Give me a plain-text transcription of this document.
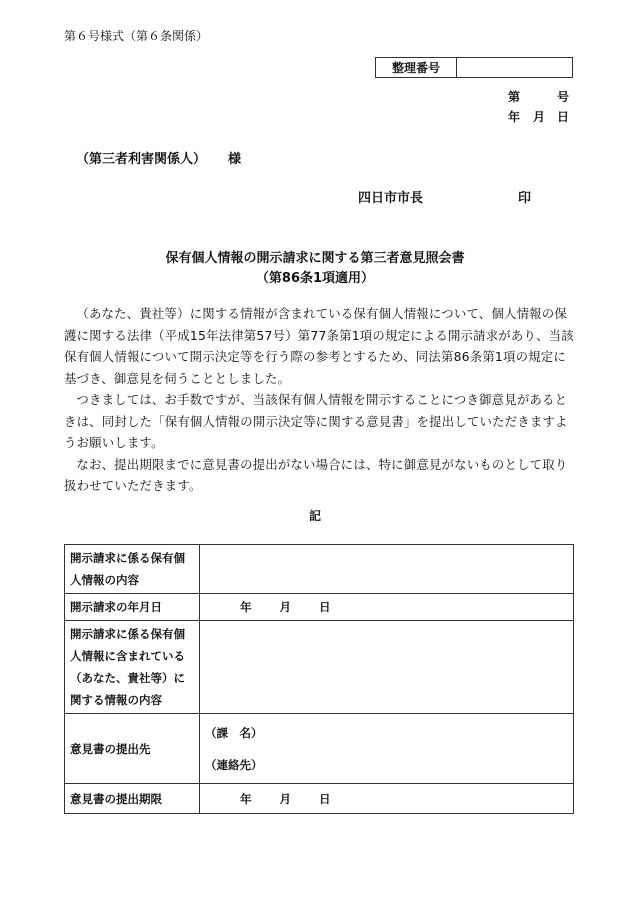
第６号様式（第６条関係）
整理番号
第	号
年 月 日
（第三者利害関係人） 様
四日市市長	印
保有個人情報の開示請求に関する第三者意見照会書
（第86条1項適用）

（あなた、貴社等）に関する情報が含まれている保有個人情報について、個人情報の保護に関する法律（平成15年法律第57号）第77条第1項の規定による開示請求があり、当該保有個人情報について開示決定等を行う際の参考とするため、同法第86条第1項の規定に基づき、御意見を伺うこととしました。

つきましては、お手数ですが、当該保有個人情報を開示することにつき御意見があるときは、同封した「保有個人情報の開示決定等に関する意見書」を提出していただきますようお願いします。

なお、提出期限までに意見書の提出がない場合には、特に御意見がないものとして取り扱わせていただきます。

記
開示請求に係る保有個人情報の内容	
開示請求の年月日	年 月 日
開示請求に係る保有個人情報に含まれている（あなた、貴社等）に関する情報の内容	
意見書の提出先	（課　名）
（連絡先）

意見書の提出期限	年 月 日
